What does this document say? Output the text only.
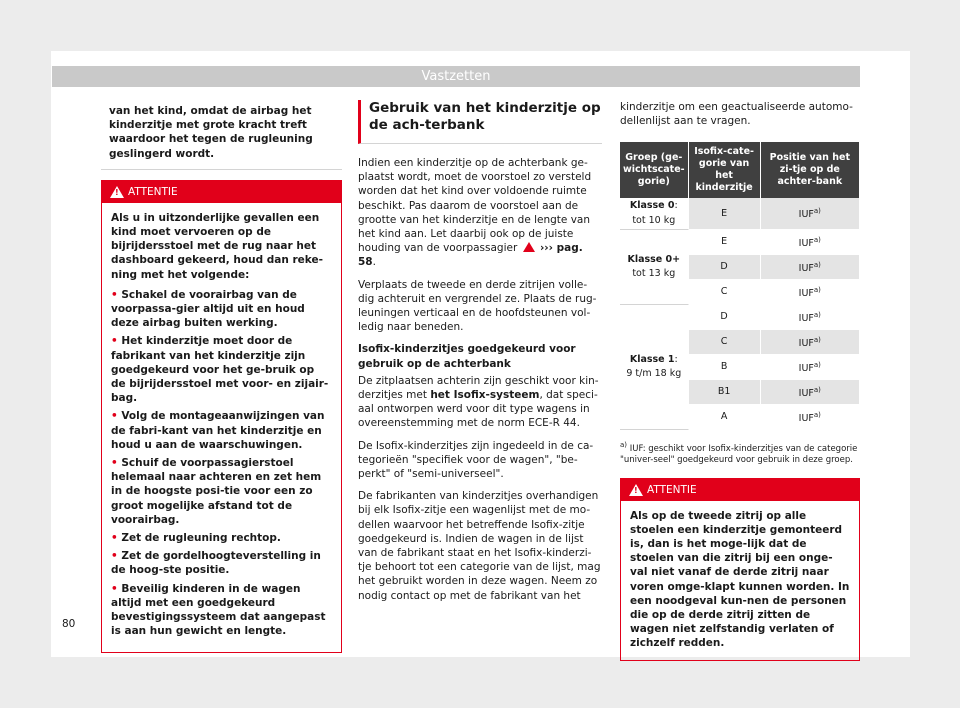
Vastzetten
van het kind, omdat de airbag het kinderzitje met grote kracht treft waardoor het tegen de rugleuning geslingerd wordt.
!
ATTENTIE
Als u in uitzonderlijke gevallen een kind moet vervoeren op de bijrijdersstoel met de rug naar het dashboard gekeerd, houd dan reke-ning met het volgende:
• Schakel de voorairbag van de voorpassa-gier altijd uit en houd deze airbag buiten werking.
• Het kinderzitje moet door de fabrikant van het kinderzitje zijn goedgekeurd voor het ge-bruik op de bijrijdersstoel met voor- en zijair-bag.
• Volg de montageaanwijzingen van de fabri-kant van het kinderzitje en houd u aan de waarschuwingen.
• Schuif de voorpassagierstoel helemaal naar achteren en zet hem in de hoogste posi-tie voor een zo groot mogelijke afstand tot de voorairbag.
• Zet de rugleuning rechtop.
• Zet de gordelhoogteverstelling in de hoog-ste positie.
• Beveilig kinderen in de wagen altijd met een goedgekeurd bevestigingssysteem dat aangepast is aan hun gewicht en lengte.
Gebruik van het kinderzitje op de ach-terbank

Indien een kinderzitje op de achterbank ge-plaatst wordt, moet de voorstoel zo versteld worden dat het kind over voldoende ruimte beschikt. Pas daarom de voorstoel aan de grootte van het kinderzitje en de lengte van het kind aan. Let daarbij ook op de juiste houding van de voorpassagier ››› pag. 58.

Verplaats de tweede en derde zitrijen volle-dig achteruit en vergrendel ze. Plaats de rug-leuningen verticaal en de hoofdsteunen vol-ledig naar beneden.

Isofix-kinderzitjes goedgekeurd voor gebruik op de achterbank

De zitplaatsen achterin zijn geschikt voor kin-derzitjes met het Isofix-systeem, dat speci-aal ontworpen werd voor dit type wagens in overeenstemming met de norm ECE-R 44.

De Isofix-kinderzitjes zijn ingedeeld in de ca-tegorieën "specifiek voor de wagen", "be-perkt" of "semi-universeel".

De fabrikanten van kinderzitjes overhandigen bij elk Isofix-zitje een wagenlijst met de mo-dellen waarvoor het betreffende Isofix-zitje goedgekeurd is. Indien de wagen in de lijst van de fabrikant staat en het Isofix-kinderzi-tje behoort tot een categorie van de lijst, mag het gebruikt worden in deze wagen. Neem zo nodig contact op met de fabrikant van het

kinderzitje om een geactualiseerde automo-dellenlijst aan te vragen.

Groep (ge-wichtscate-gorie)	Isofix-cate-gorie van het kinderzitje	Positie van het zi-tje op de achter-bank
Klasse 0:
tot 10 kg	E	IUF$^{a)}$
Klasse 0+
tot 13 kg	E	IUF$^{a)}$
	D	IUF$^{a)}$
	C	IUF$^{a)}$
Klasse 1:
9 t/m 18 kg	D	IUF$^{a)}$
	C	IUF$^{a)}$
	B	IUF$^{a)}$
	B1	IUF$^{a)}$
	A	IUF$^{a)}$
$^{a)}$ IUF: geschikt voor Isofix-kinderzitjes van de categorie "univer-seel" goedgekeurd voor gebruik in deze groep.
!
ATTENTIE
Als op de tweede zitrij op alle stoelen een kinderzitje gemonteerd is, dan is het moge-lijk dat de stoelen van die zitrij bij een onge-val niet vanaf de derde zitrij naar voren omge-klapt kunnen worden. In een noodgeval kun-nen de personen die op de derde zitrij zitten de wagen niet zelfstandig verlaten of zichzelf redden.
80
